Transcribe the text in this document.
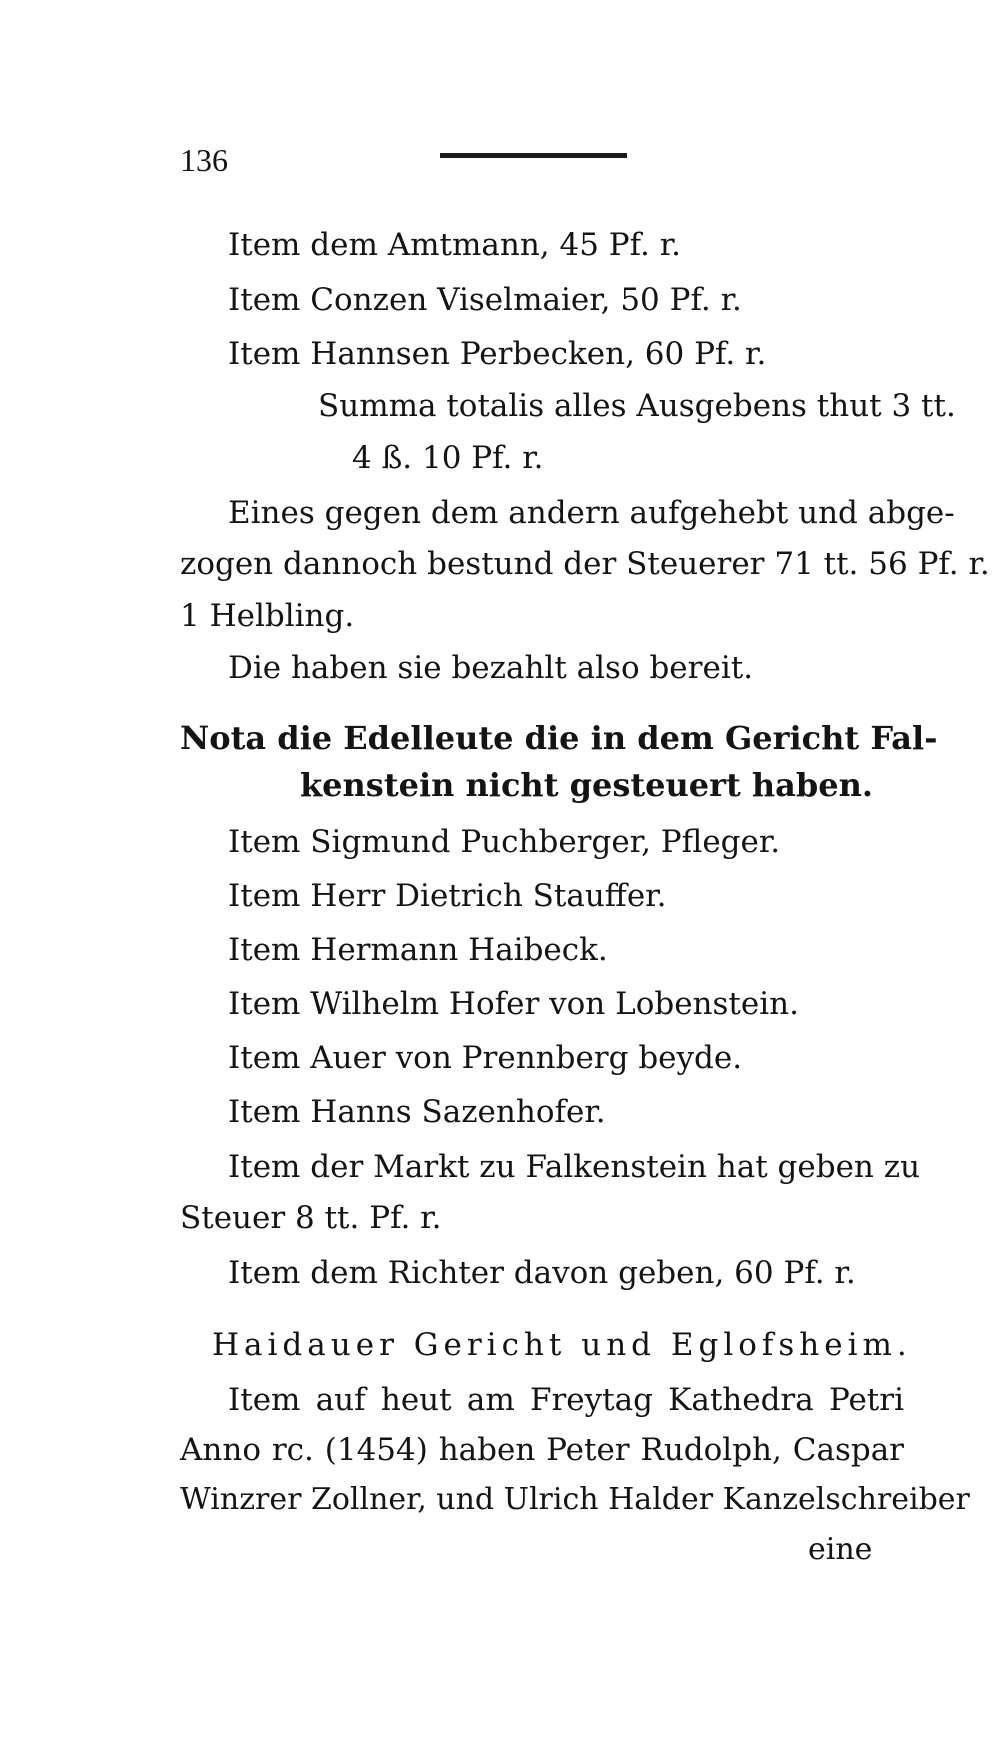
136
Item dem Amtmann, 45 Pf. r.
Item Conzen Viselmaier, 50 Pf. r.
Item Hannsen Perbecken, 60 Pf. r.
Summa totalis alles Ausgebens thut 3 tt.
4 ß. 10 Pf. r.
Eines gegen dem andern aufgehebt und abge-
zogen dannoch bestund der Steuerer 71 tt. 56 Pf. r.
1 Helbling.
Die haben sie bezahlt also bereit.
Nota die Edelleute die in dem Gericht Fal-
kenstein nicht gesteuert haben.
Item Sigmund Puchberger, Pfleger.
Item Herr Dietrich Stauffer.
Item Hermann Haibeck.
Item Wilhelm Hofer von Lobenstein.
Item Auer von Prennberg beyde.
Item Hanns Sazenhofer.
Item der Markt zu Falkenstein hat geben zu
Steuer 8 tt. Pf. r.
Item dem Richter davon geben, 60 Pf. r.
Haidauer Gericht und Eglofsheim.
Item auf heut am Freytag Kathedra Petri
Anno rc. (1454) haben Peter Rudolph, Caspar
Winzrer Zollner, und Ulrich Halder Kanzelschreiber
eine
